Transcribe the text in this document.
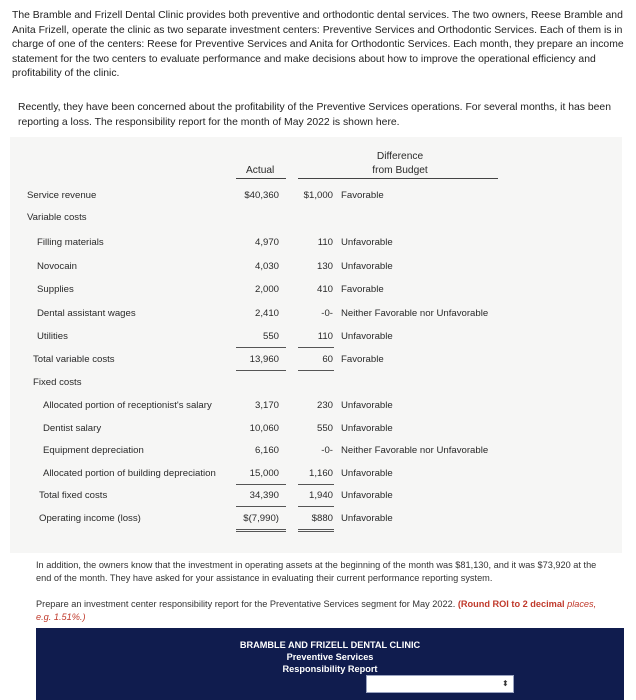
The Bramble and Frizell Dental Clinic provides both preventive and orthodontic dental services. The two owners, Reese Bramble and Anita Frizell, operate the clinic as two separate investment centers: Preventive Services and Orthodontic Services. Each of them is in charge of one of the centers: Reese for Preventive Services and Anita for Orthodontic Services. Each month, they prepare an income statement for the two centers to evaluate performance and make decisions about how to improve the operational efficiency and profitability of the clinic.
Recently, they have been concerned about the profitability of the Preventive Services operations. For several months, it has been reporting a loss. The responsibility report for the month of May 2022 is shown here.
Actual
Difference
from Budget
Service revenue	$40,360	$1,000 Favorable
Variable costs
Filling materials	4,970	110 Unfavorable
Novocain	4,030	130 Unfavorable
Supplies	2,000	410 Favorable
Dental assistant wages	2,410	-0- Neither Favorable nor Unfavorable
Utilities	550	110 Unfavorable
Total variable costs	13,960	60 Favorable
Fixed costs
Allocated portion of receptionist's salary	3,170	230 Unfavorable
Dentist salary	10,060	550 Unfavorable
Equipment depreciation	6,160	-0- Neither Favorable nor Unfavorable
Allocated portion of building depreciation	15,000	1,160 Unfavorable
Total fixed costs	34,390	1,940 Unfavorable
Operating income (loss)	$(7,990)	$880 Unfavorable
In addition, the owners know that the investment in operating assets at the beginning of the month was $81,130, and it was $73,920 at the end of the month. They have asked for your assistance in evaluating their current performance reporting system.
Prepare an investment center responsibility report for the Preventative Services segment for May 2022. (Round ROI to 2 decimal places, e.g. 1.51%.)
BRAMBLE AND FRIZELL DENTAL CLINIC
Preventive Services
Responsibility Report
⬍
